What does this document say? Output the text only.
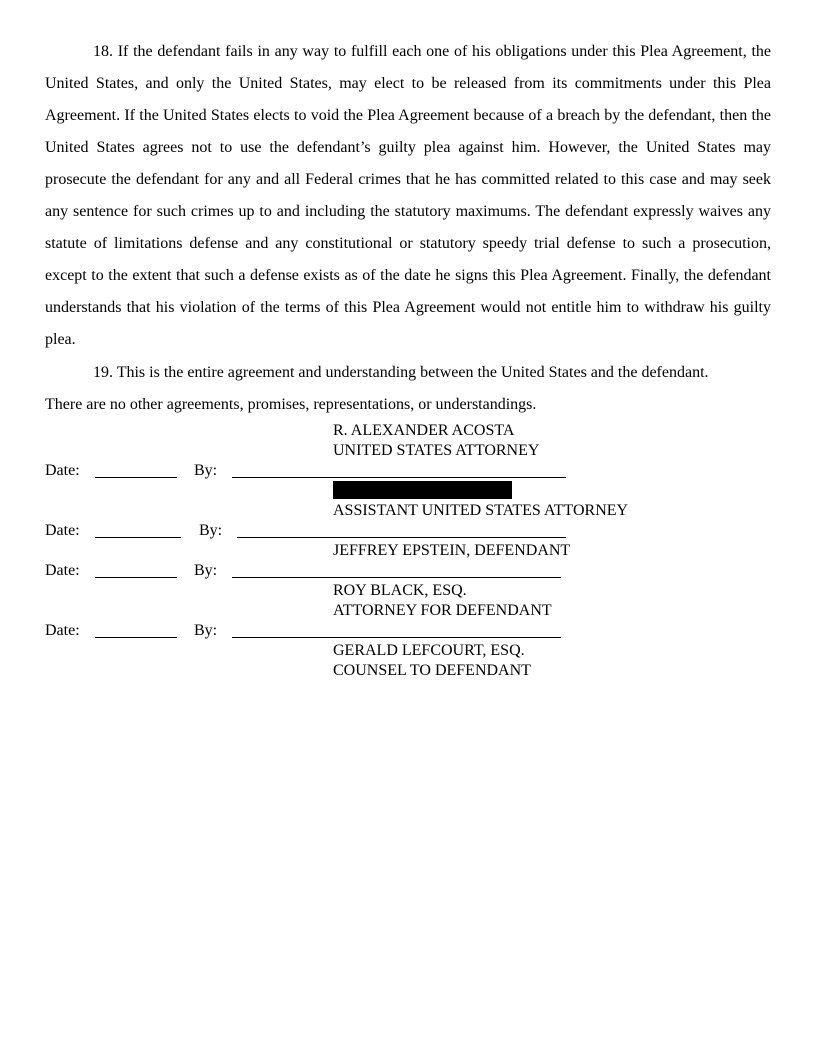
18. If the defendant fails in any way to fulfill each one of his obligations under this Plea Agreement, the United States, and only the United States, may elect to be released from its commitments under this Plea Agreement. If the United States elects to void the Plea Agreement because of a breach by the defendant, then the United States agrees not to use the defendant’s guilty plea against him. However, the United States may prosecute the defendant for any and all Federal crimes that he has committed related to this case and may seek any sentence for such crimes up to and including the statutory maximums. The defendant expressly waives any statute of limitations defense and any constitutional or statutory speedy trial defense to such a prosecution, except to the extent that such a defense exists as of the date he signs this Plea Agreement. Finally, the defendant understands that his violation of the terms of this Plea Agreement would not entitle him to withdraw his guilty plea.

19. This is the entire agreement and understanding between the United States and the defendant.
There are no other agreements, promises, representations, or understandings.
R. ALEXANDER ACOSTA
UNITED STATES ATTORNEY
Date:	By:
ASSISTANT UNITED STATES ATTORNEY
Date:	By:
JEFFREY EPSTEIN, DEFENDANT
Date:	By:
ROY BLACK, ESQ.
ATTORNEY FOR DEFENDANT
Date:	By:
GERALD LEFCOURT, ESQ.
COUNSEL TO DEFENDANT
